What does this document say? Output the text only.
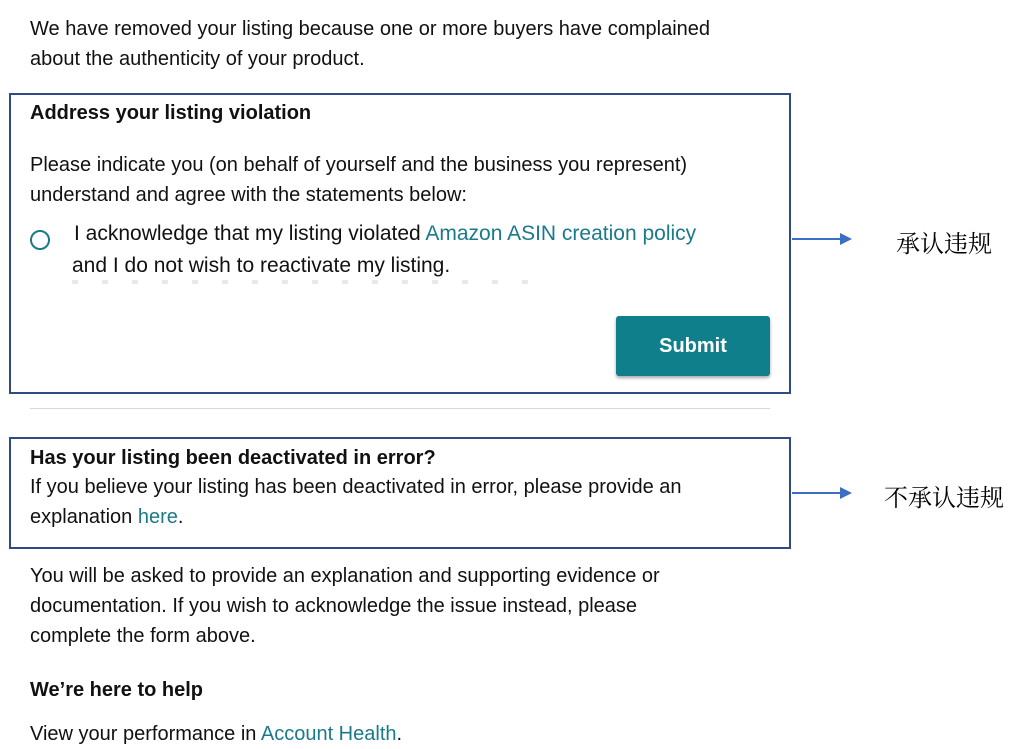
We have removed your listing because one or more buyers have complained

about the authenticity of your product.

Address your listing violation

Please indicate you (on behalf of yourself and the business you represent)

understand and agree with the statements below:

I acknowledge that my listing violated Amazon ASIN creation policy

and I do not wish to reactivate my listing.

Submit

Has your listing been deactivated in error?

If you believe your listing has been deactivated in error, please provide an

explanation here.

You will be asked to provide an explanation and supporting evidence or

documentation. If you wish to acknowledge the issue instead, please

complete the form above.

We’re here to help

View your performance in Account Health.

承认违规
不承认违规
